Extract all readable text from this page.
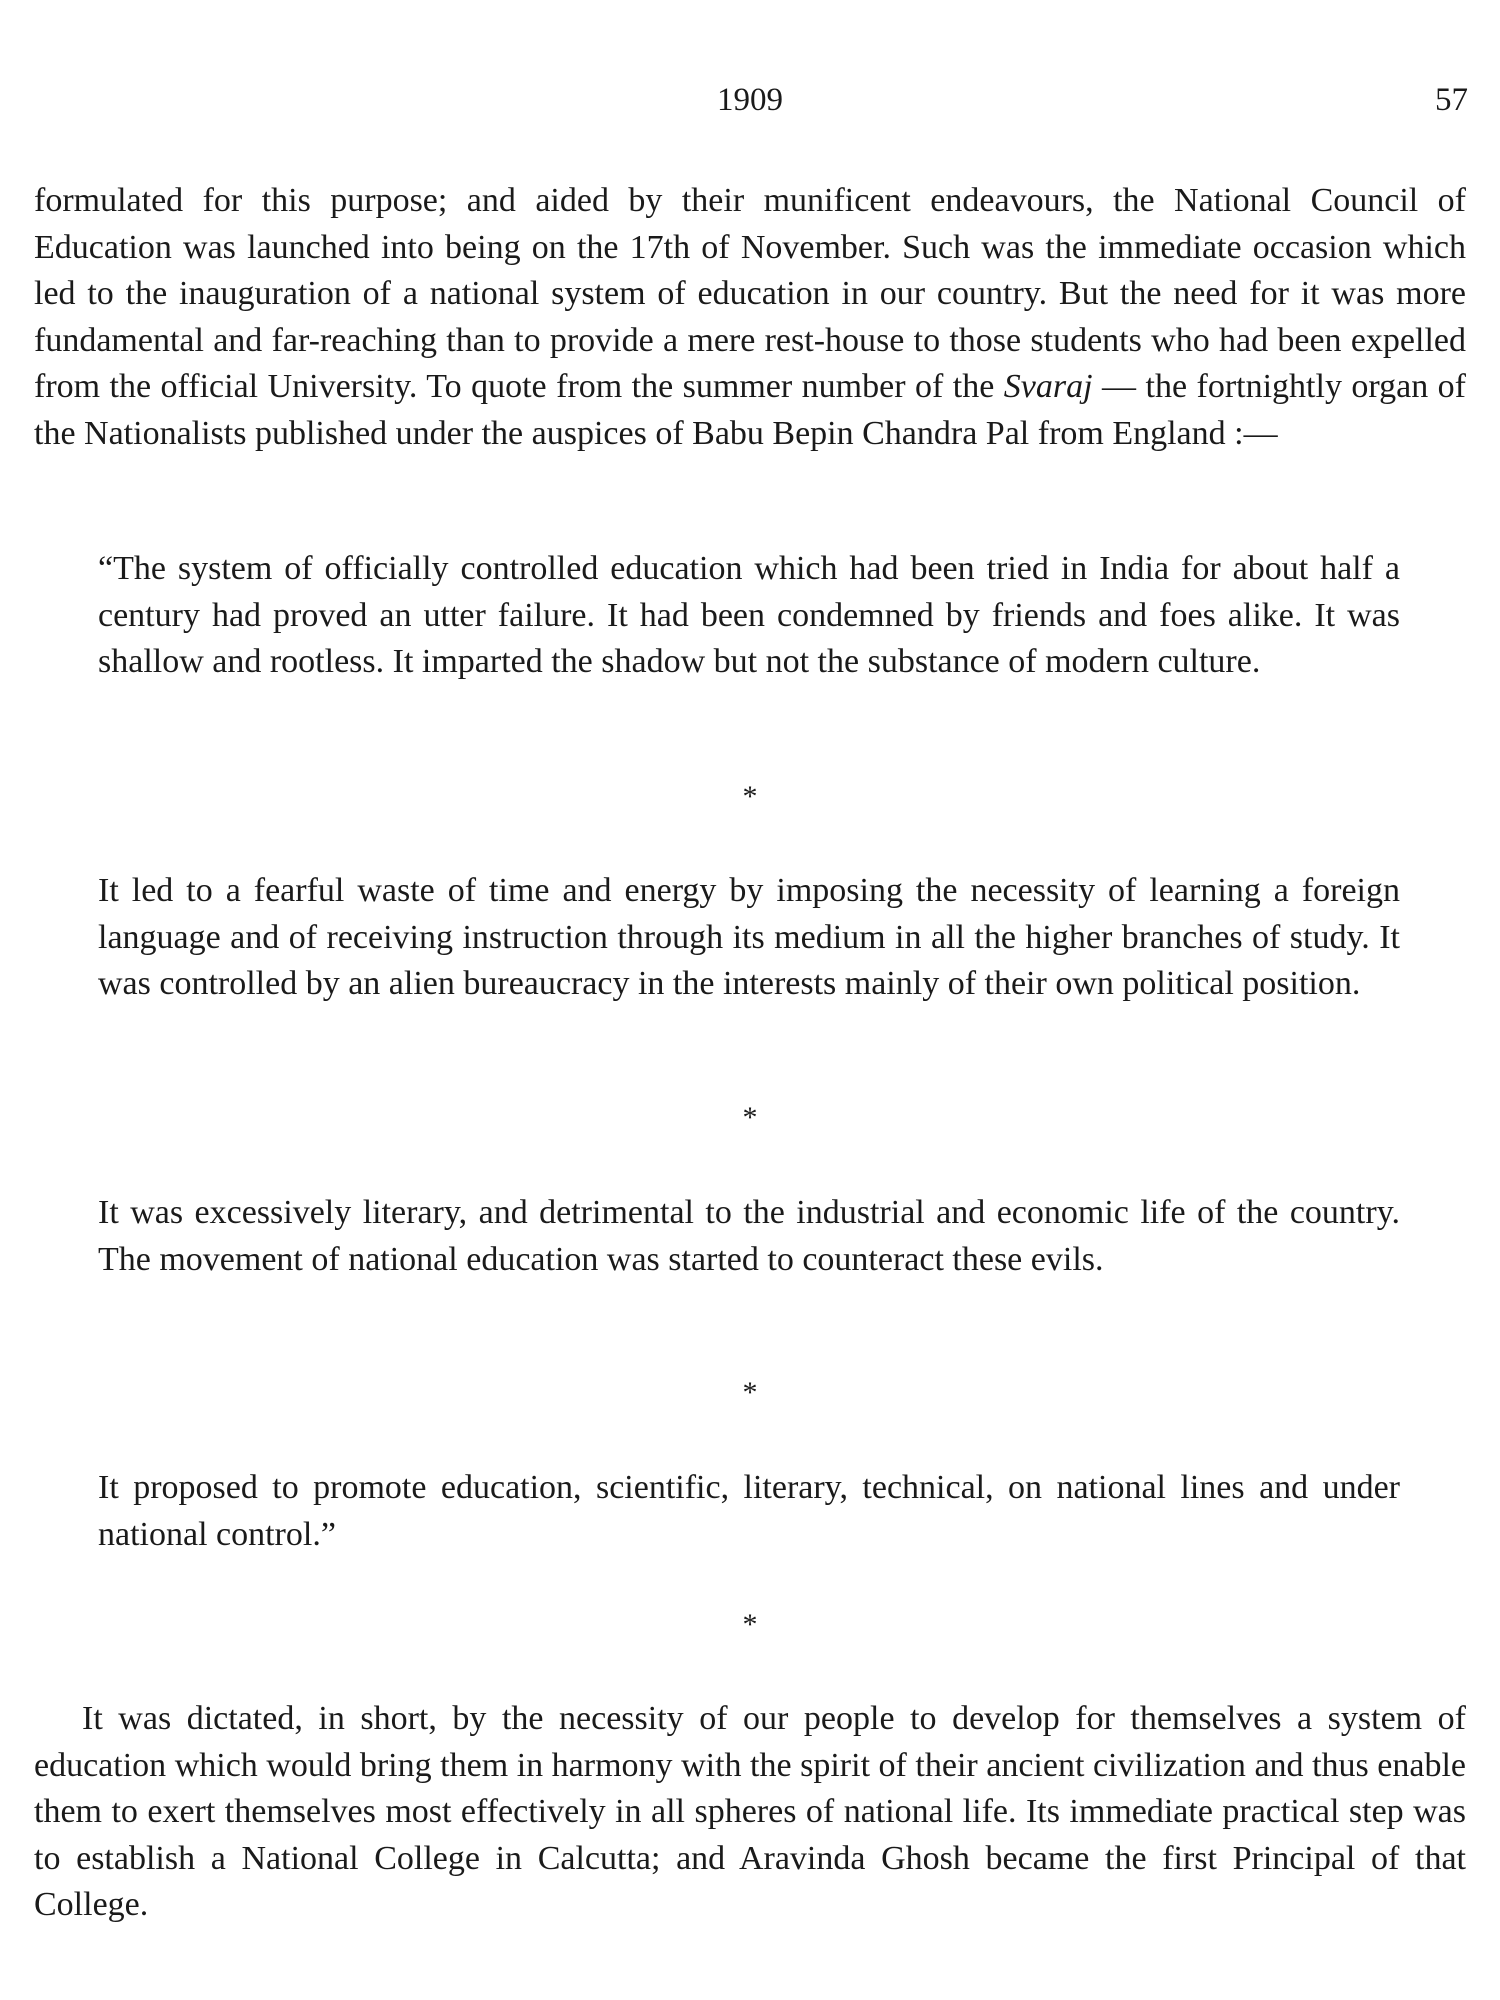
1909	57

formulated for this purpose; and aided by their munificent endeavours, the National Council of Education was launched into being on the 17th of November. Such was the immediate occasion which led to the inauguration of a national system of education in our country. But the need for it was more fundamental and far-reaching than to provide a mere rest-house to those students who had been expelled from the official University. To quote from the summer number of the Svaraj — the fortnightly organ of the Nationalists published under the auspices of Babu Bepin Chandra Pal from England :—

“The system of officially controlled education which had been tried in India for about half a century had proved an utter failure. It had been condemned by friends and foes alike. It was shallow and rootless. It imparted the shadow but not the substance of modern culture.

*

It led to a fearful waste of time and energy by imposing the necessity of learning a foreign language and of receiving instruction through its medium in all the higher branches of study. It was controlled by an alien bureaucracy in the interests mainly of their own political position.

*

It was excessively literary, and detrimental to the industrial and economic life of the country. The movement of national education was started to counteract these evils.

*

It proposed to promote education, scientific, literary, technical, on national lines and under national control.”

*

It was dictated, in short, by the necessity of our people to develop for themselves a system of education which would bring them in harmony with the spirit of their ancient civilization and thus enable them to exert themselves most effectively in all spheres of national life. Its immediate practical step was to establish a National College in Calcutta; and Aravinda Ghosh became the first Principal of that College.
